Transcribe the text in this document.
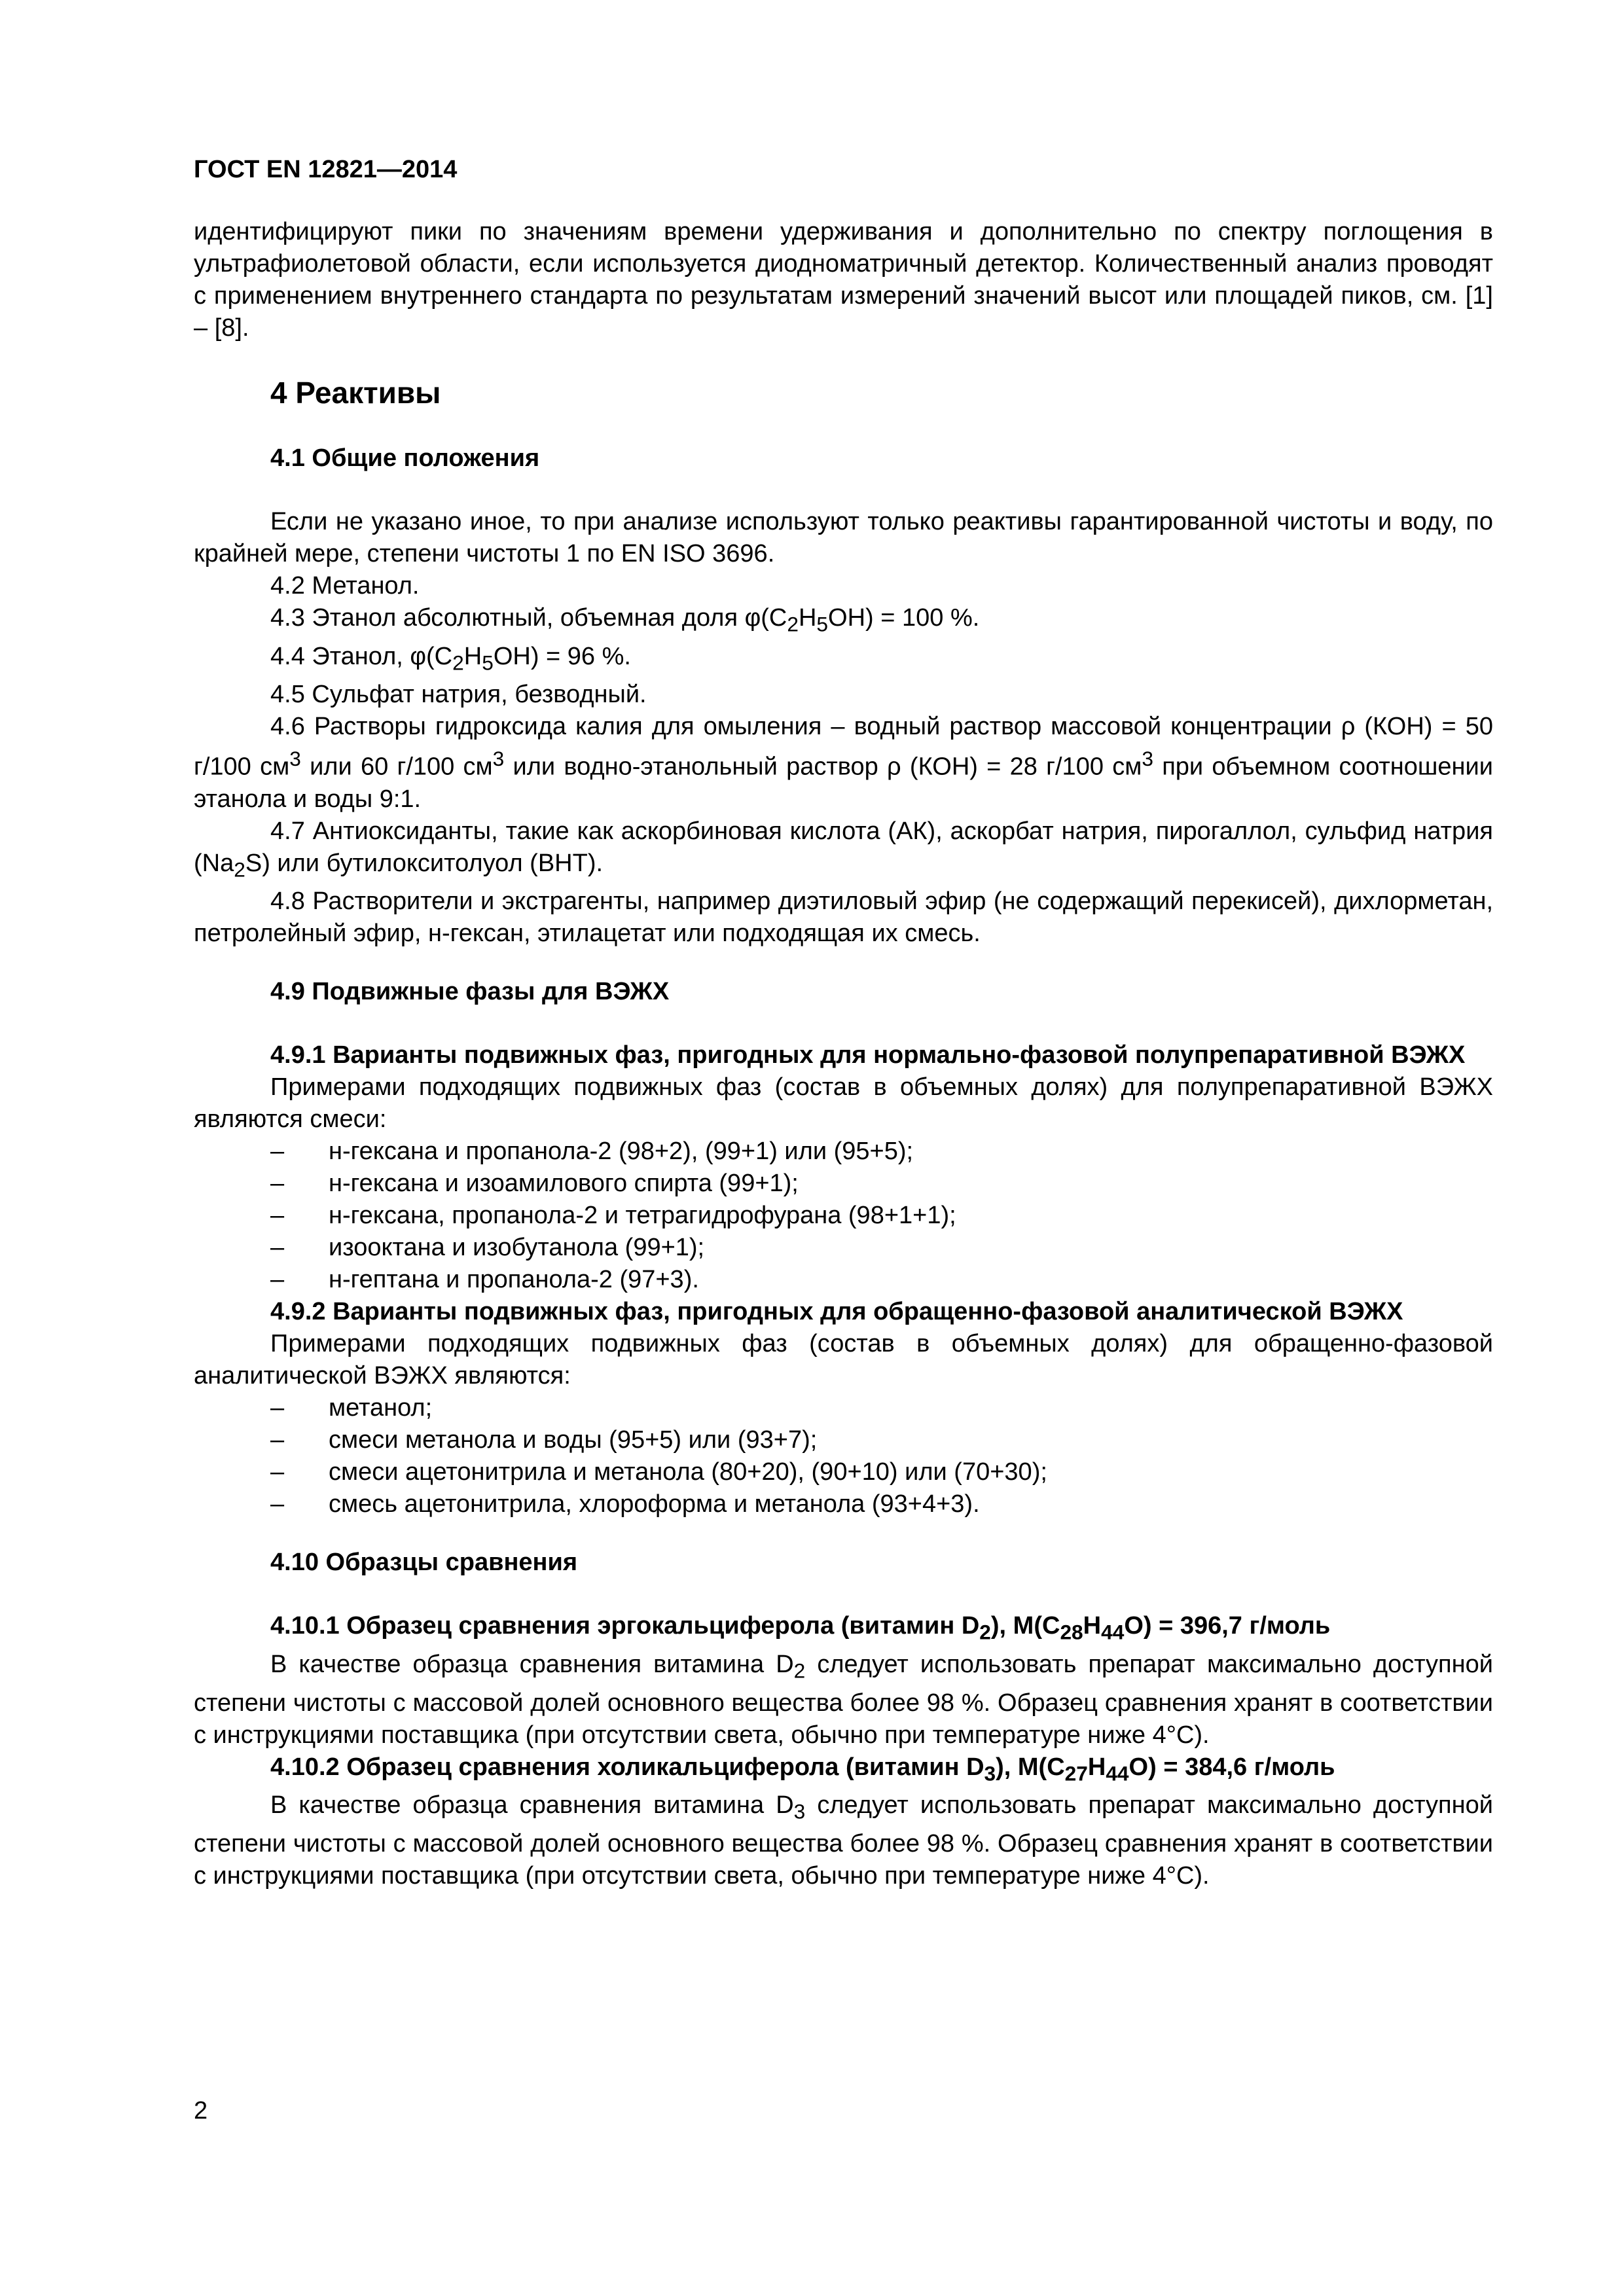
ГОСТ EN 12821—2014

идентифицируют пики по значениям времени удерживания и дополнительно по спектру поглощения в ультрафиолетовой области, если используется диодноматричный детектор. Количественный анализ проводят с применением внутреннего стандарта по результатам измерений значений высот или площадей пиков, см. [1] – [8].

4 Реактивы
4.1 Общие положения

Если не указано иное, то при анализе используют только реактивы гарантированной чистоты и воду, по крайней мере, степени чистоты 1 по EN ISO 3696.

4.2 Метанол.

4.3 Этанол абсолютный, объемная доля $\varphi(C_2H_5OH) = 100$ %.

4.4 Этанол, $\varphi(C_2H_5OH) = 96$ %.

4.5 Сульфат натрия, безводный.

4.6 Растворы гидроксида калия для омыления – водный раствор массовой концентрации ρ (КОН) = 50 г/100 $см^3$ или 60 г/100 $см^3$ или водно-этанольный раствор ρ (КОН) = 28 г/100 $см^3$ при объемном соотношении этанола и воды 9:1.

4.7 Антиоксиданты, такие как аскорбиновая кислота (АК), аскорбат натрия, пирогаллол, сульфид натрия $(Na_2S)$ или бутилокситолуол (ВНТ).

4.8 Растворители и экстрагенты, например диэтиловый эфир (не содержащий перекисей), дихлорметан, петролейный эфир, н-гексан, этилацетат или подходящая их смесь.

4.9 Подвижные фазы для ВЭЖХ

4.9.1 Варианты подвижных фаз, пригодных для нормально-фазовой полупрепаративной ВЭЖХ

Примерами подходящих подвижных фаз (состав в объемных долях) для полупрепаративной ВЭЖХ являются смеси:

– н-гексана и пропанола-2 (98+2), (99+1) или (95+5);
– н-гексана и изоамилового спирта (99+1);
– н-гексана, пропанола-2 и тетрагидрофурана (98+1+1);
– изооктана и изобутанола (99+1);
– н-гептана и пропанола-2 (97+3).

4.9.2 Варианты подвижных фаз, пригодных для обращенно-фазовой аналитической ВЭЖХ

Примерами подходящих подвижных фаз (состав в объемных долях) для обращенно-фазовой аналитической ВЭЖХ являются:

– метанол;
– смеси метанола и воды (95+5) или (93+7);
– смеси ацетонитрила и метанола (80+20), (90+10) или (70+30);
– смесь ацетонитрила, хлороформа и метанола (93+4+3).
4.10 Образцы сравнения

4.10.1 Образец сравнения эргокальциферола (витамин $D_2$), $M(C_{28}H_{44}O) = 396,7$ г/моль

В качестве образца сравнения витамина $D_2$ следует использовать препарат максимально доступной степени чистоты с массовой долей основного вещества более 98 %. Образец сравнения хранят в соответствии с инструкциями поставщика (при отсутствии света, обычно при температуре ниже 4°С).

4.10.2 Образец сравнения холикальциферола (витамин $D_3$), $M(C_{27}H_{44}O) = 384,6$ г/моль

В качестве образца сравнения витамина $D_3$ следует использовать препарат максимально доступной степени чистоты с массовой долей основного вещества более 98 %. Образец сравнения хранят в соответствии с инструкциями поставщика (при отсутствии света, обычно при температуре ниже 4°С).

2
